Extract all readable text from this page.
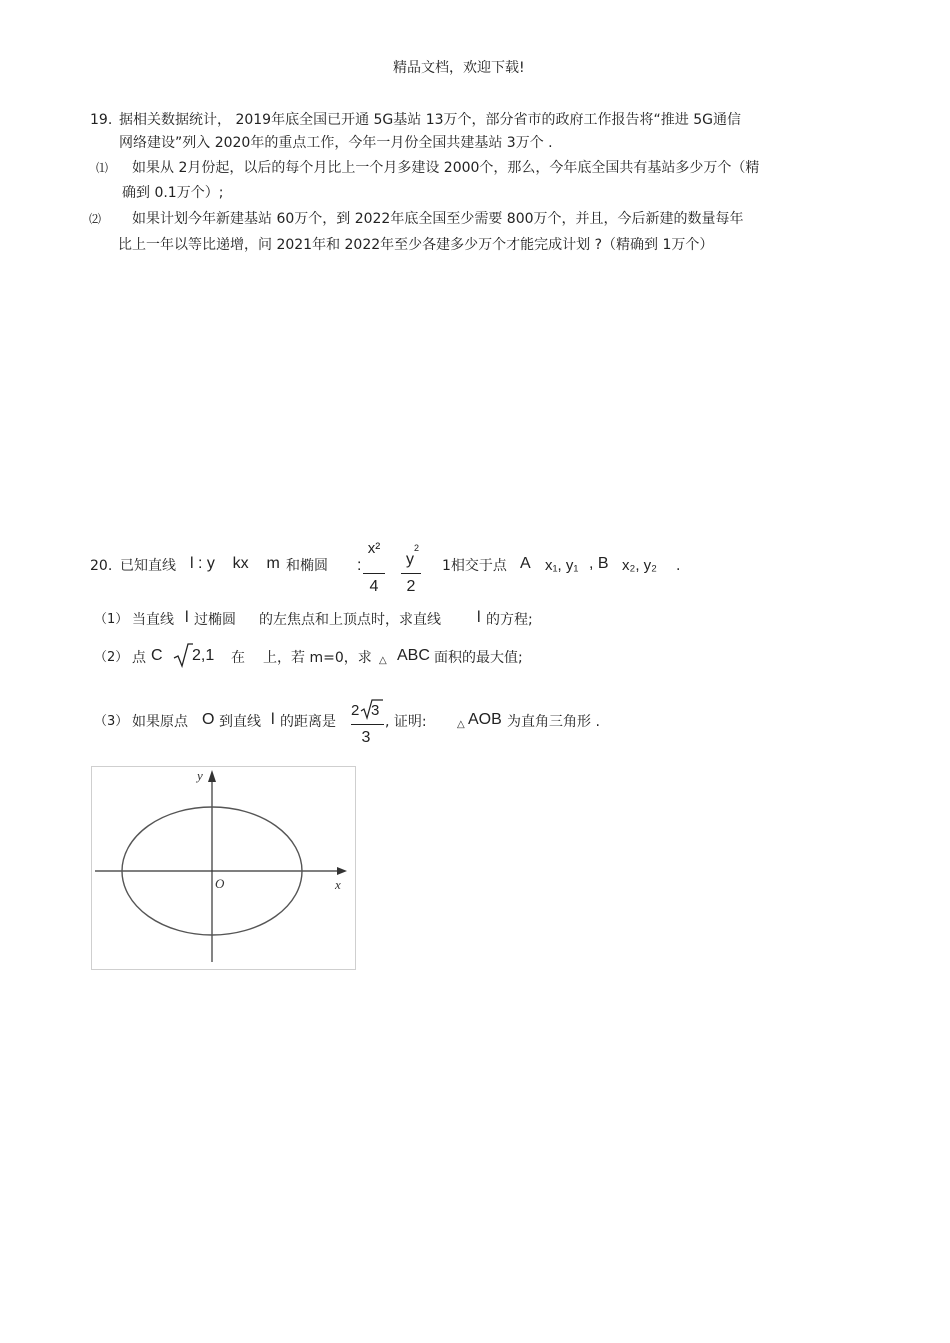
精品文档，欢迎下载!
19. 据相关数据统计， 2019年底全国已开通 5G基站 13万个，部分省市的政府工作报告将“推进 5G通信
网络建设”列入 2020年的重点工作，今年一月份全国共建基站 3万个 .
⑴ 如果从 2月份起，以后的每个月比上一个月多建设 2000个，那么，今年底全国共有基站多少万个（精
确到 0.1万个）;
⑵ 如果计划今年新建基站 60万个，到 2022年底全国至少需要 800万个，并且，今后新建的数量每年
比上一年以等比递增，问 2021年和 2022年至少各建多少万个才能完成计划 ?（精确到 1万个）
20. 已知直线 l : y    kx    m 和椭圆 :
x²
4
y
2
2
1相交于点 A x₁, y₁ , B x₂, y₂ .
（1） 当直线 l 过椭圆 的左焦点和上顶点时，求直线 l 的方程;
（2） 点 C 2,1 在 上，若 m=0，求 △ ABC 面积的最大值;
（3） 如果原点 O 到直线 l 的距离是
2 3
3
, 证明:	△ AOB 为直角三角形 .
y
x
O
